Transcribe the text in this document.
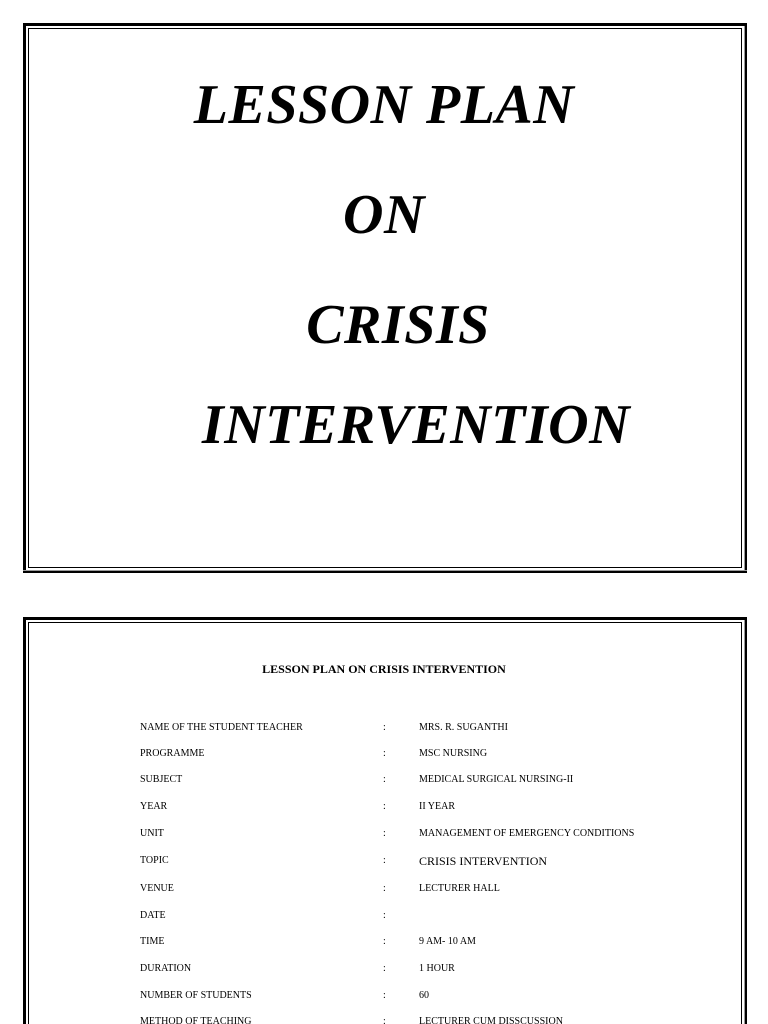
LESSON PLAN
ON
CRISIS
INTERVENTION
LESSON PLAN ON CRISIS INTERVENTION
NAME OF THE STUDENT TEACHER	:	MRS. R. SUGANTHI
PROGRAMME	:	MSC NURSING
SUBJECT	:	MEDICAL SURGICAL NURSING-II
YEAR	:	II YEAR
UNIT	:	MANAGEMENT OF EMERGENCY CONDITIONS
TOPIC	:	CRISIS INTERVENTION
VENUE	:	LECTURER HALL
DATE	:
TIME	:	9 AM- 10 AM
DURATION	:	1 HOUR
NUMBER OF STUDENTS	:	60
METHOD OF TEACHING	:	LECTURER CUM DISSCUSSION
